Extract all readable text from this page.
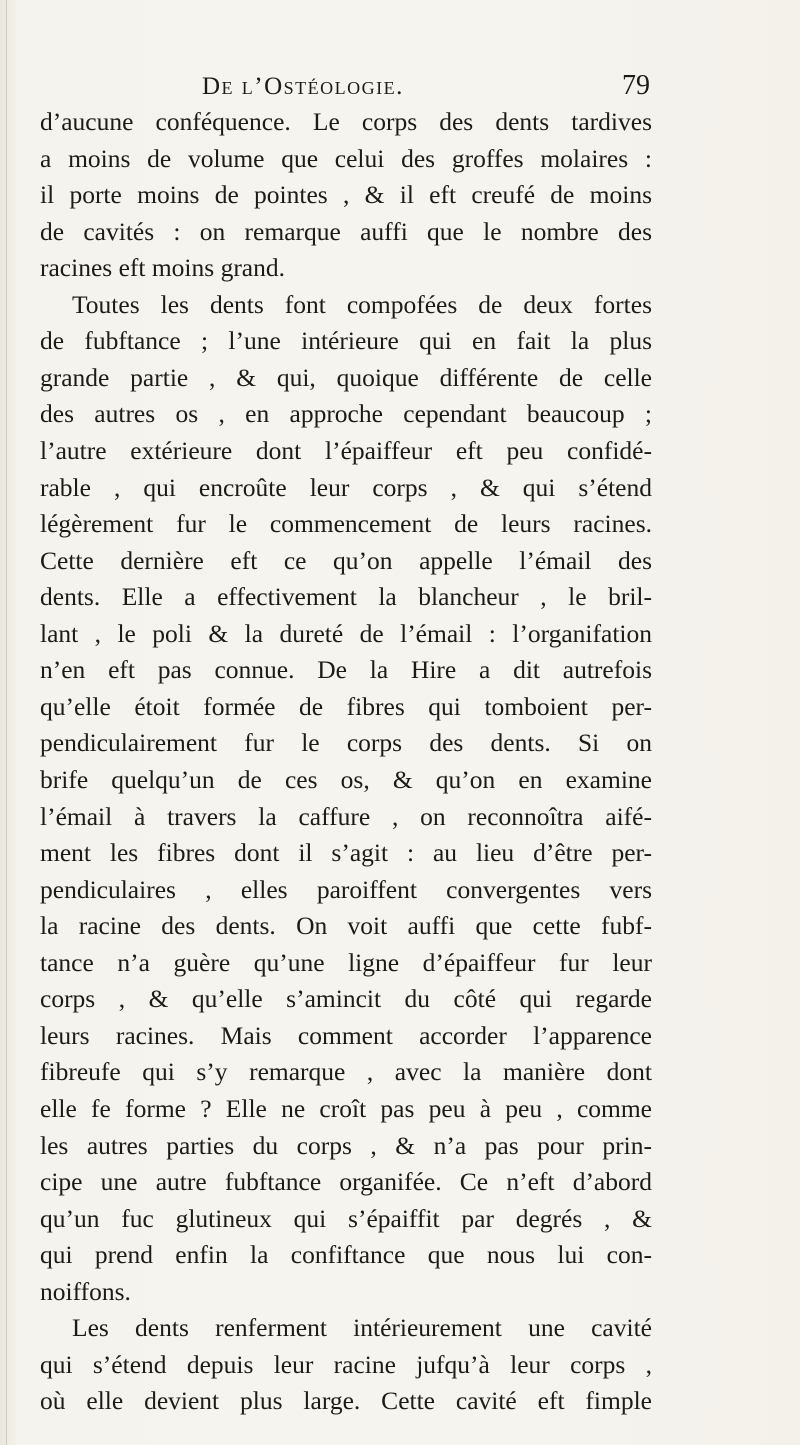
De l’Ostéologie.	79
d’aucune conféquence. Le corps des dents tardives
a moins de volume que celui des groffes molaires :
il porte moins de pointes , & il eft creufé de moins
de cavités : on remarque auffi que le nombre des
racines eft moins grand.
Toutes les dents font compofées de deux fortes
de fubftance ; l’une intérieure qui en fait la plus
grande partie , & qui, quoique différente de celle
des autres os , en approche cependant beaucoup ;
l’autre extérieure dont l’épaiffeur eft peu confidé-
rable , qui encroûte leur corps , & qui s’étend
légèrement fur le commencement de leurs racines.
Cette dernière eft ce qu’on appelle l’émail des
dents. Elle a effectivement la blancheur , le bril-
lant , le poli & la dureté de l’émail : l’organifation
n’en eft pas connue. De la Hire a dit autrefois
qu’elle étoit formée de fibres qui tomboient per-
pendiculairement fur le corps des dents. Si on
brife quelqu’un de ces os, & qu’on en examine
l’émail à travers la caffure , on reconnoîtra aifé-
ment les fibres dont il s’agit : au lieu d’être per-
pendiculaires , elles paroiffent convergentes vers
la racine des dents. On voit auffi que cette fubf-
tance n’a guère qu’une ligne d’épaiffeur fur leur
corps , & qu’elle s’amincit du côté qui regarde
leurs racines. Mais comment accorder l’apparence
fibreufe qui s’y remarque , avec la manière dont
elle fe forme ? Elle ne croît pas peu à peu , comme
les autres parties du corps , & n’a pas pour prin-
cipe une autre fubftance organifée. Ce n’eft d’abord
qu’un fuc glutineux qui s’épaiffit par degrés , &
qui prend enfin la confiftance que nous lui con-
noiffons.
Les dents renferment intérieurement une cavité
qui s’étend depuis leur racine jufqu’à leur corps ,
où elle devient plus large. Cette cavité eft fimple
